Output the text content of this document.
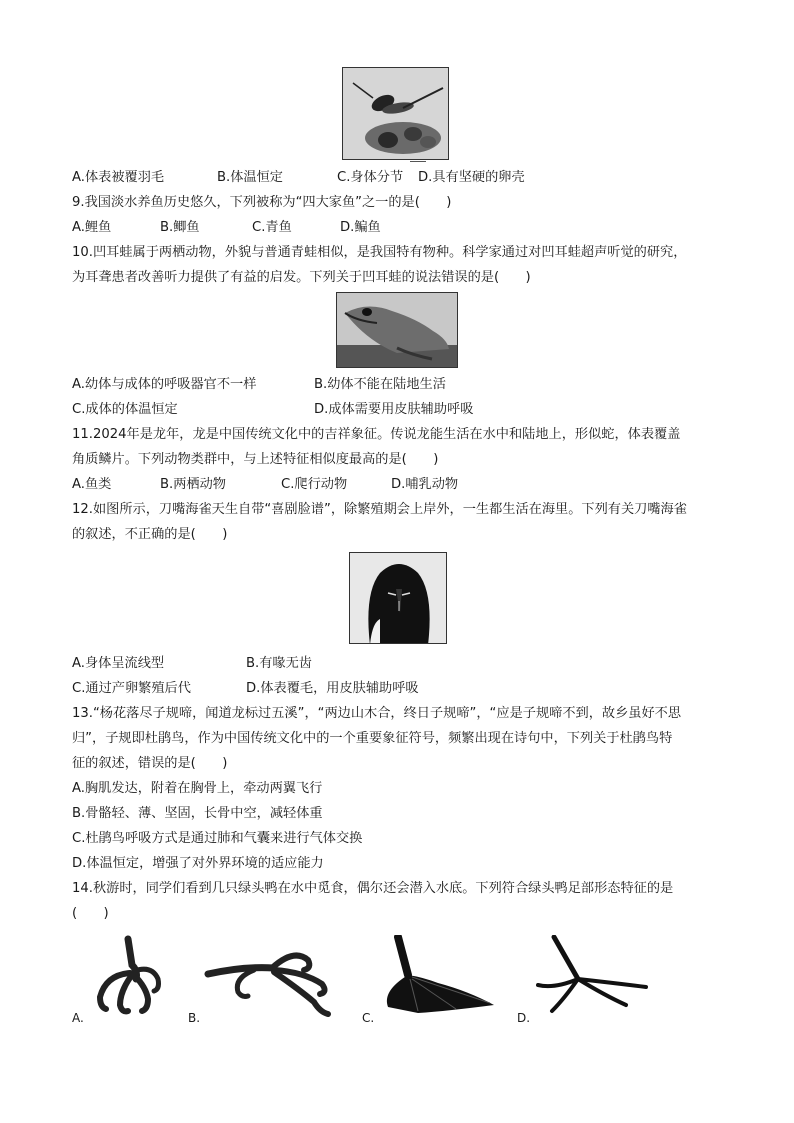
A.体表被覆羽毛	B.体温恒定	C.身体分节 D.具有坚硬的卵壳
9.我国淡水养鱼历史悠久，下列被称为“四大家鱼”之一的是(　　)
A.鲤鱼	B.鲫鱼	C.青鱼	D.鳊鱼
10.凹耳蛙属于两栖动物，外貌与普通青蛙相似，是我国特有物种。科学家通过对凹耳蛙超声听觉的研究，
为耳聋患者改善听力提供了有益的启发。下列关于凹耳蛙的说法错误的是(　　)
A.幼体与成体的呼吸器官不一样	B.幼体不能在陆地生活
C.成体的体温恒定	D.成体需要用皮肤辅助呼吸
11.2024年是龙年，龙是中国传统文化中的吉祥象征。传说龙能生活在水中和陆地上，形似蛇，体表覆盖
角质鳞片。下列动物类群中，与上述特征相似度最高的是(　　)
A.鱼类	B.两栖动物	C.爬行动物	D.哺乳动物
12.如图所示，刀嘴海雀天生自带“喜剧脸谱”，除繁殖期会上岸外，一生都生活在海里。下列有关刀嘴海雀
的叙述，不正确的是(　　)
A.身体呈流线型	B.有喙无齿
C.通过产卵繁殖后代	D.体表覆毛，用皮肤辅助呼吸
13.“杨花落尽子规啼，闻道龙标过五溪”，“两边山木合，终日子规啼”，“应是子规啼不到，故乡虽好不思
归”，子规即杜鹃鸟，作为中国传统文化中的一个重要象征符号，频繁出现在诗句中，下列关于杜鹃鸟特
征的叙述，错误的是(　　)
A.胸肌发达，附着在胸骨上，牵动两翼飞行
B.骨骼轻、薄、坚固，长骨中空，减轻体重
C.杜鹃鸟呼吸方式是通过肺和气囊来进行气体交换
D.体温恒定，增强了对外界环境的适应能力
14.秋游时，同学们看到几只绿头鸭在水中觅食，偶尔还会潜入水底。下列符合绿头鸭足部形态特征的是
(　　)
A.	B.	C.	D.
